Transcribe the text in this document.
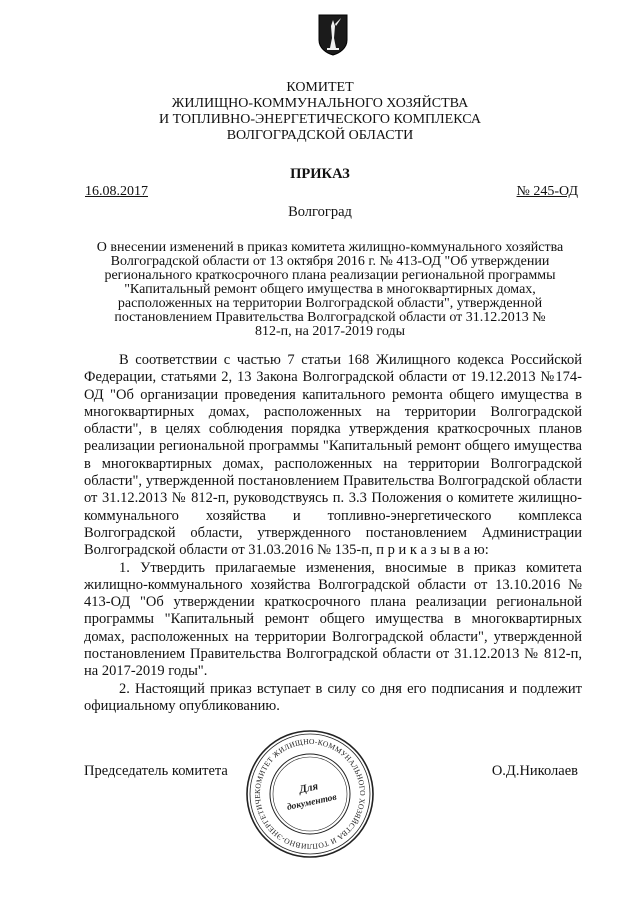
КОМИТЕТ
ЖИЛИЩНО-КОММУНАЛЬНОГО ХОЗЯЙСТВА
И ТОПЛИВНО-ЭНЕРГЕТИЧЕСКОГО КОМПЛЕКСА
ВОЛГОГРАДСКОЙ ОБЛАСТИ
ПРИКАЗ
16.08.2017	№ 245-ОД
Волгоград
О внесении изменений в приказ комитета жилищно-коммунального хозяйства
Волгоградской области от 13 октября 2016 г. № 413-ОД "Об утверждении
регионального краткосрочного плана реализации региональной программы
"Капитальный ремонт общего имущества в многоквартирных домах,
расположенных на территории Волгоградской области", утвержденной
постановлением Правительства Волгоградской области от 31.12.2013 №
812-п, на 2017-2019 годы

В соответствии с частью 7 статьи 168 Жилищного кодекса Российской Федерации, статьями 2, 13 Закона Волгоградской области от 19.12.2013 №174-ОД "Об организации проведения капитального ремонта общего имущества в многоквартирных домах, расположенных на территории Волгоградской области", в целях соблюдения порядка утверждения краткосрочных планов реализации региональной программы "Капитальный ремонт общего имущества в многоквартирных домах, расположенных на территории Волгоградской области", утвержденной постановлением Правительства Волгоградской области от 31.12.2013 № 812-п, руководствуясь п. 3.3 Положения о комитете жилищно-коммунального хозяйства и топливно-энергетического комплекса Волгоградской области, утвержденного постановлением Администрации Волгоградской области от 31.03.2016 № 135-п, п р и к а з ы в а ю:

1. Утвердить прилагаемые изменения, вносимые в приказ комитета жилищно-коммунального хозяйства Волгоградской области от 13.10.2016 № 413-ОД "Об утверждении краткосрочного плана реализации региональной программы "Капитальный ремонт общего имущества в многоквартирных домах, расположенных на территории Волгоградской области", утвержденной постановлением Правительства Волгоградской области от 31.12.2013 № 812-п, на 2017-2019 годы".

2. Настоящий приказ вступает в силу со дня его подписания и подлежит официальному опубликованию.

Председатель комитета	О.Д.Николаев
КОМИТЕТ ЖИЛИЩНО-КОММУНАЛЬНОГО ХОЗЯЙСТВА И ТОПЛИВНО-ЭНЕРГЕТИЧЕ
Для
документов
